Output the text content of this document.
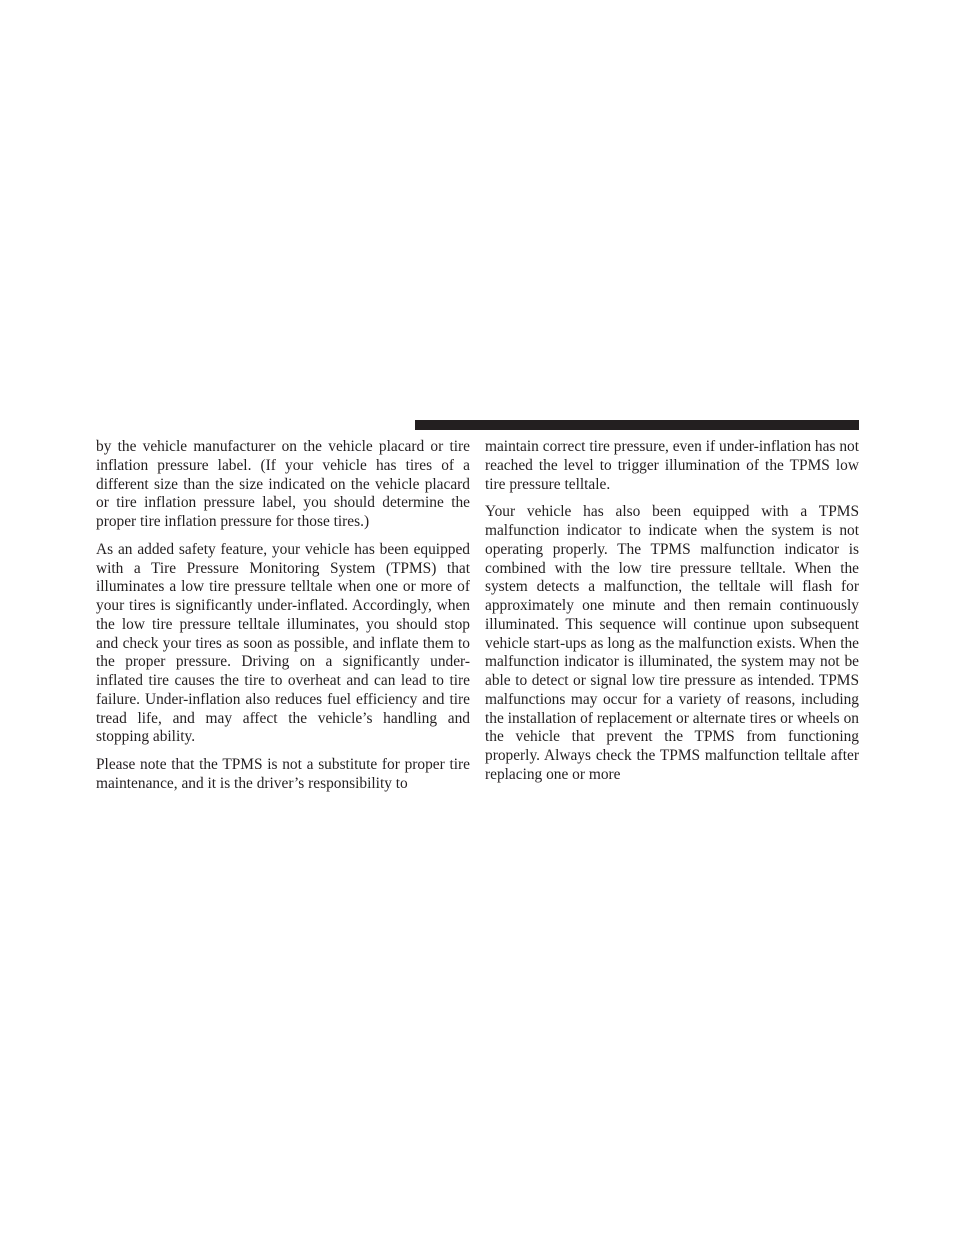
by the vehicle manufacturer on the vehicle placard or tire inflation pressure label. (If your vehicle has tires of a different size than the size indicated on the vehicle placard or tire inflation pressure label, you should determine the proper tire inflation pressure for those tires.)

As an added safety feature, your vehicle has been equipped with a Tire Pressure Monitoring System (TPMS) that illuminates a low tire pressure telltale when one or more of your tires is significantly under-inflated. Accordingly, when the low tire pressure telltale illuminates, you should stop and check your tires as soon as possible, and inflate them to the proper pressure. Driving on a significantly under-inflated tire causes the tire to overheat and can lead to tire failure. Under-inflation also reduces fuel efficiency and tire tread life, and may affect the vehicle’s handling and stopping ability.

Please note that the TPMS is not a substitute for proper tire maintenance, and it is the driver’s responsibility to

maintain correct tire pressure, even if under-inflation has not reached the level to trigger illumination of the TPMS low tire pressure telltale.

Your vehicle has also been equipped with a TPMS malfunction indicator to indicate when the system is not operating properly. The TPMS malfunction indicator is combined with the low tire pressure telltale. When the system detects a malfunction, the telltale will flash for approximately one minute and then remain continuously illuminated. This sequence will continue upon subsequent vehicle start-ups as long as the malfunction exists. When the malfunction indicator is illuminated, the system may not be able to detect or signal low tire pressure as intended. TPMS malfunctions may occur for a variety of reasons, including the installation of replacement or alternate tires or wheels on the vehicle that prevent the TPMS from functioning properly. Always check the TPMS malfunction telltale after replacing one or more
